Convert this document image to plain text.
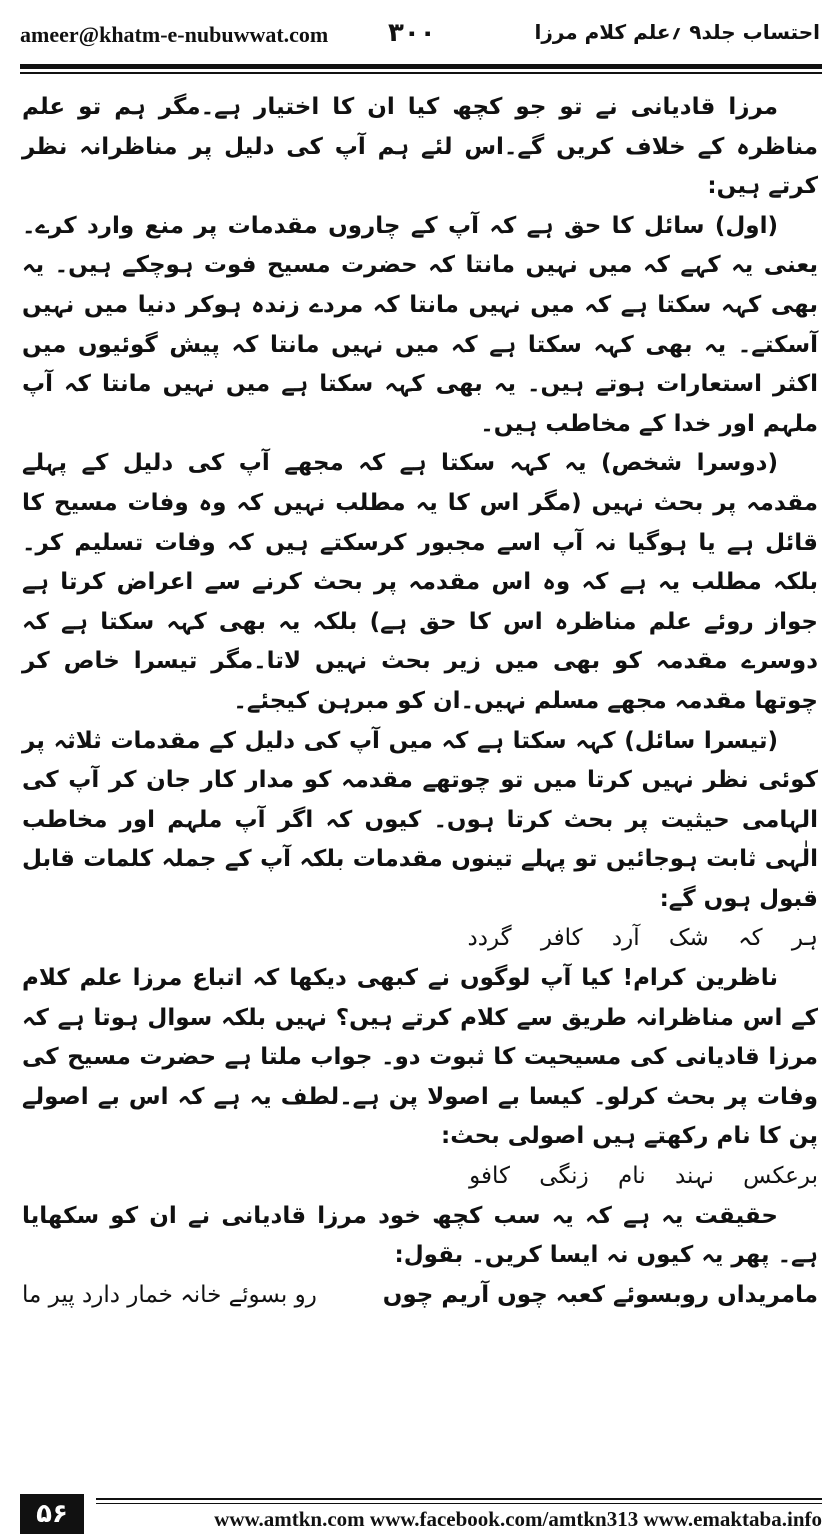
ameer@khatm-e-nubuwwat.com ۳۰۰	احتساب جلد۹ ؍علم کلام مرزا

مرزا قادیانی نے تو جو کچھ کیا ان کا اختیار ہے۔مگر ہم تو علم مناظرہ کے خلاف کریں گے۔اس لئے ہم آپ کی دلیل پر مناظرانہ نظر کرتے ہیں:

(اول) سائل کا حق ہے کہ آپ کے چاروں مقدمات پر منع وارد کرے۔یعنی یہ کہے کہ میں نہیں مانتا کہ حضرت مسیح فوت ہوچکے ہیں۔ یہ بھی کہہ سکتا ہے کہ میں نہیں مانتا کہ مردے زندہ ہوکر دنیا میں نہیں آسکتے۔ یہ بھی کہہ سکتا ہے کہ میں نہیں مانتا کہ پیش گوئیوں میں اکثر استعارات ہوتے ہیں۔ یہ بھی کہہ سکتا ہے میں نہیں مانتا کہ آپ ملہم اور خدا کے مخاطب ہیں۔

(دوسرا شخص) یہ کہہ سکتا ہے کہ مجھے آپ کی دلیل کے پہلے مقدمہ پر بحث نہیں (مگر اس کا یہ مطلب نہیں کہ وہ وفات مسیح کا قائل ہے یا ہوگیا نہ آپ اسے مجبور کرسکتے ہیں کہ وفات تسلیم کر۔ بلکہ مطلب یہ ہے کہ وہ اس مقدمہ پر بحث کرنے سے اعراض کرتا ہے جواز روئے علم مناظرہ اس کا حق ہے) بلکہ یہ بھی کہہ سکتا ہے کہ دوسرے مقدمہ کو بھی میں زیر بحث نہیں لاتا۔مگر تیسرا خاص کر چوتھا مقدمہ مجھے مسلم نہیں۔ان کو مبرہن کیجئے۔

(تیسرا سائل) کہہ سکتا ہے کہ میں آپ کی دلیل کے مقدمات ثلاثہ پر کوئی نظر نہیں کرتا میں تو چوتھے مقدمہ کو مدار کار جان کر آپ کی الہامی حیثیت پر بحث کرتا ہوں۔ کیوں کہ اگر آپ ملہم اور مخاطب الٰہی ثابت ہوجائیں تو پہلے تینوں مقدمات بلکہ آپ کے جملہ کلمات قابل قبول ہوں گے:

ہر کہ شک آرد کافر گردد

ناظرین کرام! کیا آپ لوگوں نے کبھی دیکھا کہ اتباع مرزا علم کلام کے اس مناظرانہ طریق سے کلام کرتے ہیں؟ نہیں بلکہ سوال ہوتا ہے کہ مرزا قادیانی کی مسیحیت کا ثبوت دو۔ جواب ملتا ہے حضرت مسیح کی وفات پر بحث کرلو۔ کیسا بے اصولا پن ہے۔لطف یہ ہے کہ اس بے اصولے پن کا نام رکھتے ہیں اصولی بحث:

برعکس نہند نام زنگی کافو

حقیقت یہ ہے کہ یہ سب کچھ خود مرزا قادیانی نے ان کو سکھایا ہے۔ پھر یہ کیوں نہ ایسا کریں۔ بقول:

مامریداں روبسوئے کعبہ چوں آریم چوں
رو بسوئے خانہ خمار دارد پیر ما
۵۶	www.amtkn.com www.facebook.com/amtkn313 www.emaktaba.info
